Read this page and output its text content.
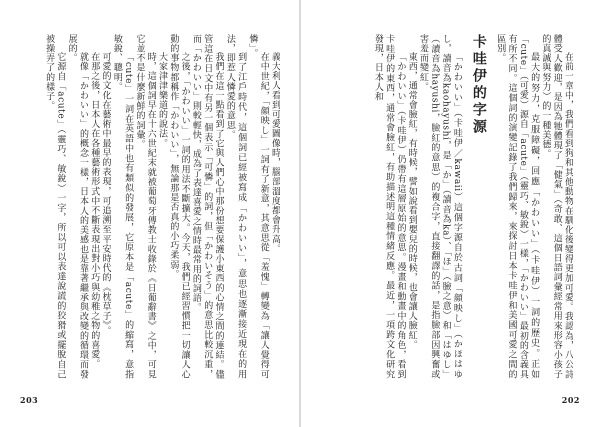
義大利人看到可愛圖像時，腦部溫度都會升高。

在中世紀，「顔映し」一詞有了新意，其意思從「羞愧」轉變為「讓人覺得可憐」。

到了江戶時代，這個詞已經被寫成「かわいい」，意思也逐漸接近現在的用法，即惹人憐愛的意思。

我們在這一點看到了它與人們心中那份想要保護小東西的心情之間的連結。儘管這在日文中有另一個表示「可憐」的詞，但「かわいそう」的意思比較沉重，而「かわいい」則較輕快，成為了表達喜愛之情時最常用的詞語。

之後，「かわいい」一詞的用法不斷擴大。今天，我們已經習慣把一切讓人心動的事物都稱作「かわいい」，無論那是否真的小巧柔弱。

大家津津樂道的說法。

時，這個詞早在十六世紀末就被葡萄牙傳教士收錄於《日葡辭書》之中，可見它並不是什麼新鮮的詞彙。

「cute」一詞在英語中也有類似的發展，它原本是「acute」的縮寫，意指敏銳、聰明。

可愛的文化在藝術中最早的表現，可追溯至平安時代的《枕草子》。

在那之後，日本人在各種藝術形式中不斷表現出對小巧與幼稚之物的喜愛。

就像「かわいい」的概念一樣，日本人的美感也是靠著繼承與改變的循環而發展的。

它源自「acute」（靈巧、敏銳）一字，所以可以表達說謊的狡猾或擺脫自己被操弄了的樣子。

203

在前一章中，我們看到狗和其他動物在馴化後變得更加可愛。我認為，八公詩體受人歡迎，是因為牠體現了「健氣」（奇敢、這個日語詞彙經常用來形容小孩子的真誠與努力）的一種美德。

最大的努力，克服障礙，回應「かわいい」（卡哇伊）一詞的歷史。正如「cute」（可愛）源自「acute」（靈巧、敏銳）一樣，「かわいい」最初的含義具有所不同。這個詞的演變記錄了我們歸來，來探討日本卡哇伊和美國可愛之間的區別。

卡哇伊的字源

「かわいい」（卡哇伊／kawaii）這個字源自於古詞「顔映し」（かほはゆし，讀音為kaohayushi，是「か」（讀音為ka）、「ほ」（臉之意）和「はゆし」（讀音為hayushi，臉紅的意思）的複合字，直接翻譯的話，是指臉部因興奮或害羞而變紅。

東西，通常會臉紅，有時候，譬如說看到嬰兒的時候，也會讓人臉紅。

「かわいい」（卡哇伊）仍帶有這層原始的意思。漫畫和動畫中的角色，看到卡哇伊的東西，通常會臉紅，有助描述明這種情緒反應。最近，一項跨文化研究發現，日本人和

202
